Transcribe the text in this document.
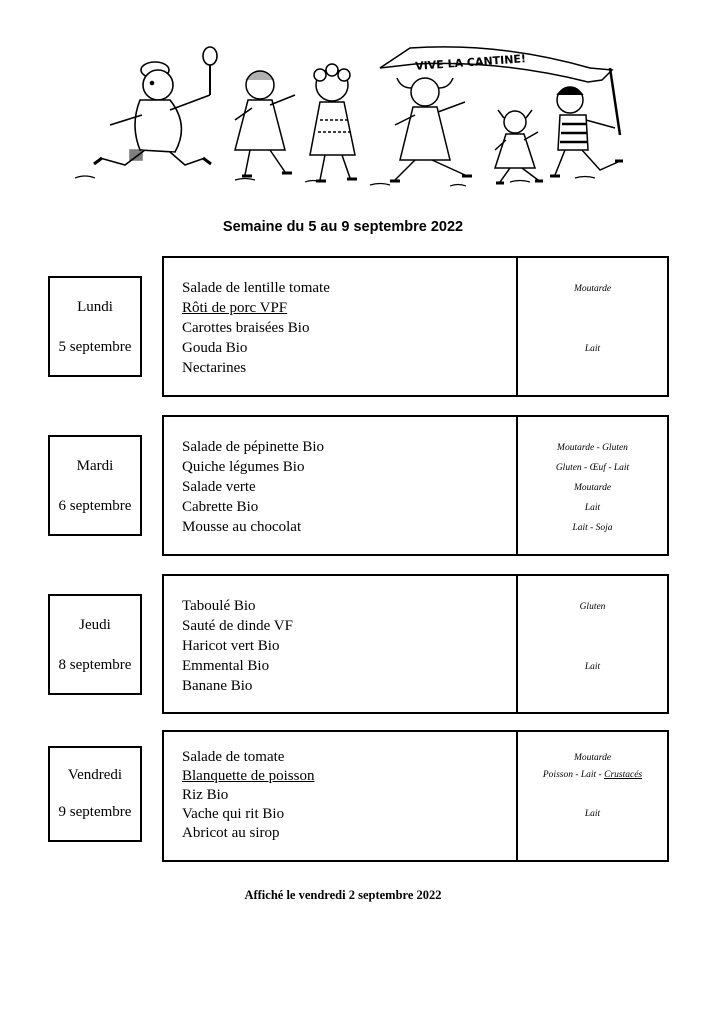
VIVE LA CANTINE!
Semaine du 5 au 9 septembre 2022
Lundi
5 septembre
Salade de lentille tomate
Rôti de porc VPF
Carottes braisées Bio
Gouda Bio
Nectarines
Moutarde
Lait
Mardi
6 septembre
Salade de pépinette Bio
Quiche légumes Bio
Salade verte
Cabrette Bio
Mousse au chocolat
Moutarde - Gluten
Gluten - Œuf - Lait
Moutarde
Lait
Lait - Soja
Jeudi
8 septembre
Taboulé Bio
Sauté de dinde VF
Haricot vert Bio
Emmental Bio
Banane Bio
Gluten
Lait
Vendredi
9 septembre
Salade de tomate
Blanquette de poisson
Riz Bio
Vache qui rit Bio
Abricot au sirop
Moutarde
Poisson - Lait - Crustacés
Lait
Affiché le vendredi 2 septembre 2022
